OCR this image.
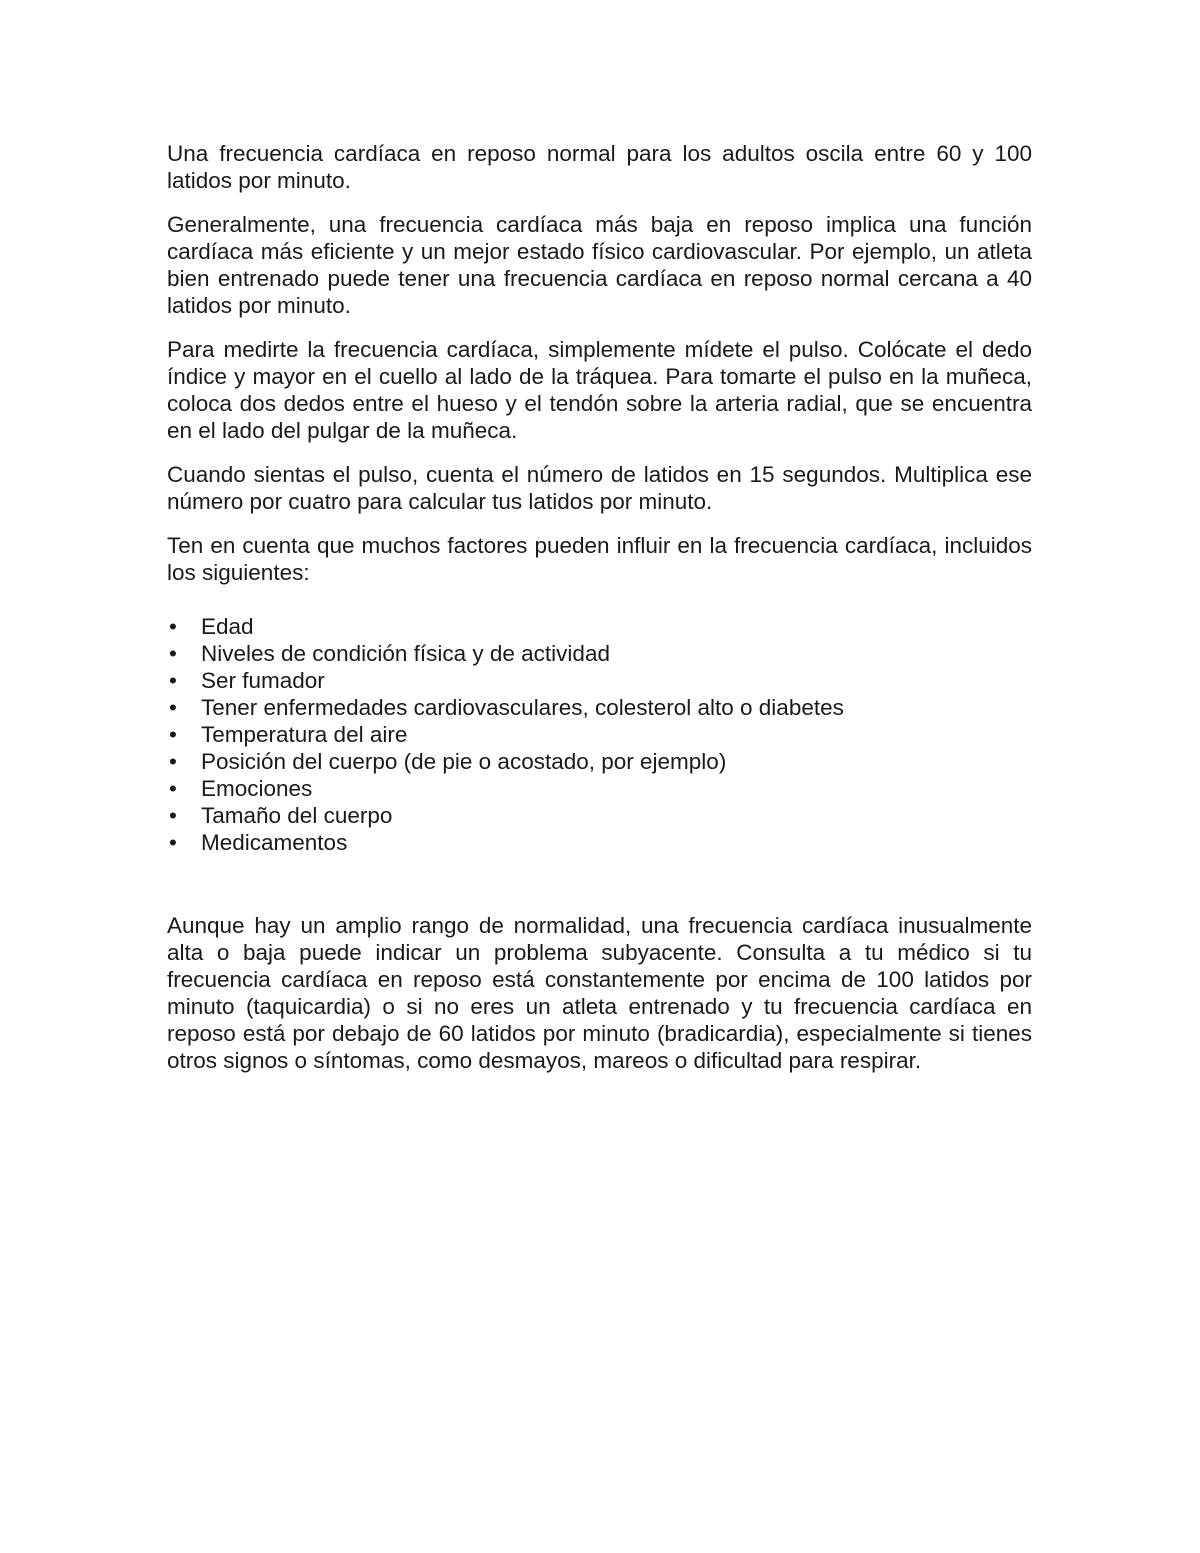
Una frecuencia cardíaca en reposo normal para los adultos oscila entre 60 y 100 latidos por minuto.

Generalmente, una frecuencia cardíaca más baja en reposo implica una función cardíaca más eficiente y un mejor estado físico cardiovascular. Por ejemplo, un atleta bien entrenado puede tener una frecuencia cardíaca en reposo normal cercana a 40 latidos por minuto.

Para medirte la frecuencia cardíaca, simplemente mídete el pulso. Colócate el dedo índice y mayor en el cuello al lado de la tráquea. Para tomarte el pulso en la muñeca, coloca dos dedos entre el hueso y el tendón sobre la arteria radial, que se encuentra en el lado del pulgar de la muñeca.

Cuando sientas el pulso, cuenta el número de latidos en 15 segundos. Multiplica ese número por cuatro para calcular tus latidos por minuto.

Ten en cuenta que muchos factores pueden influir en la frecuencia cardíaca, incluidos los siguientes:

• Edad
• Niveles de condición física y de actividad
• Ser fumador
• Tener enfermedades cardiovasculares, colesterol alto o diabetes
• Temperatura del aire
• Posición del cuerpo (de pie o acostado, por ejemplo)
• Emociones
• Tamaño del cuerpo
• Medicamentos

Aunque hay un amplio rango de normalidad, una frecuencia cardíaca inusualmente alta o baja puede indicar un problema subyacente. Consulta a tu médico si tu frecuencia cardíaca en reposo está constantemente por encima de 100 latidos por minuto (taquicardia) o si no eres un atleta entrenado y tu frecuencia cardíaca en reposo está por debajo de 60 latidos por minuto (bradicardia), especialmente si tienes otros signos o síntomas, como desmayos, mareos o dificultad para respirar.
